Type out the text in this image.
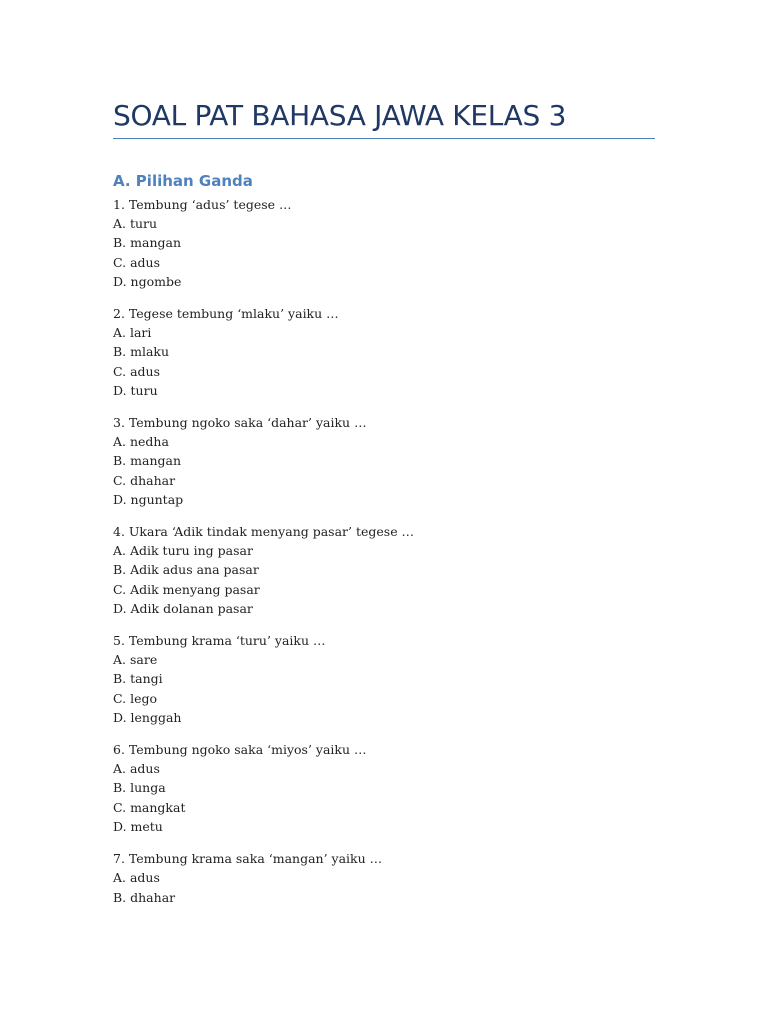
SOAL PAT BAHASA JAWA KELAS 3
A. Pilihan Ganda
1. Tembung ‘adus’ tegese …
A. turu
B. mangan
C. adus
D. ngombe
2. Tegese tembung ‘mlaku’ yaiku …
A. lari
B. mlaku
C. adus
D. turu
3. Tembung ngoko saka ‘dahar’ yaiku …
A. nedha
B. mangan
C. dhahar
D. nguntap
4. Ukara ‘Adik tindak menyang pasar’ tegese …
A. Adik turu ing pasar
B. Adik adus ana pasar
C. Adik menyang pasar
D. Adik dolanan pasar
5. Tembung krama ‘turu’ yaiku …
A. sare
B. tangi
C. lego
D. lenggah
6. Tembung ngoko saka ‘miyos’ yaiku …
A. adus
B. lunga
C. mangkat
D. metu
7. Tembung krama saka ‘mangan’ yaiku …
A. adus
B. dhahar
